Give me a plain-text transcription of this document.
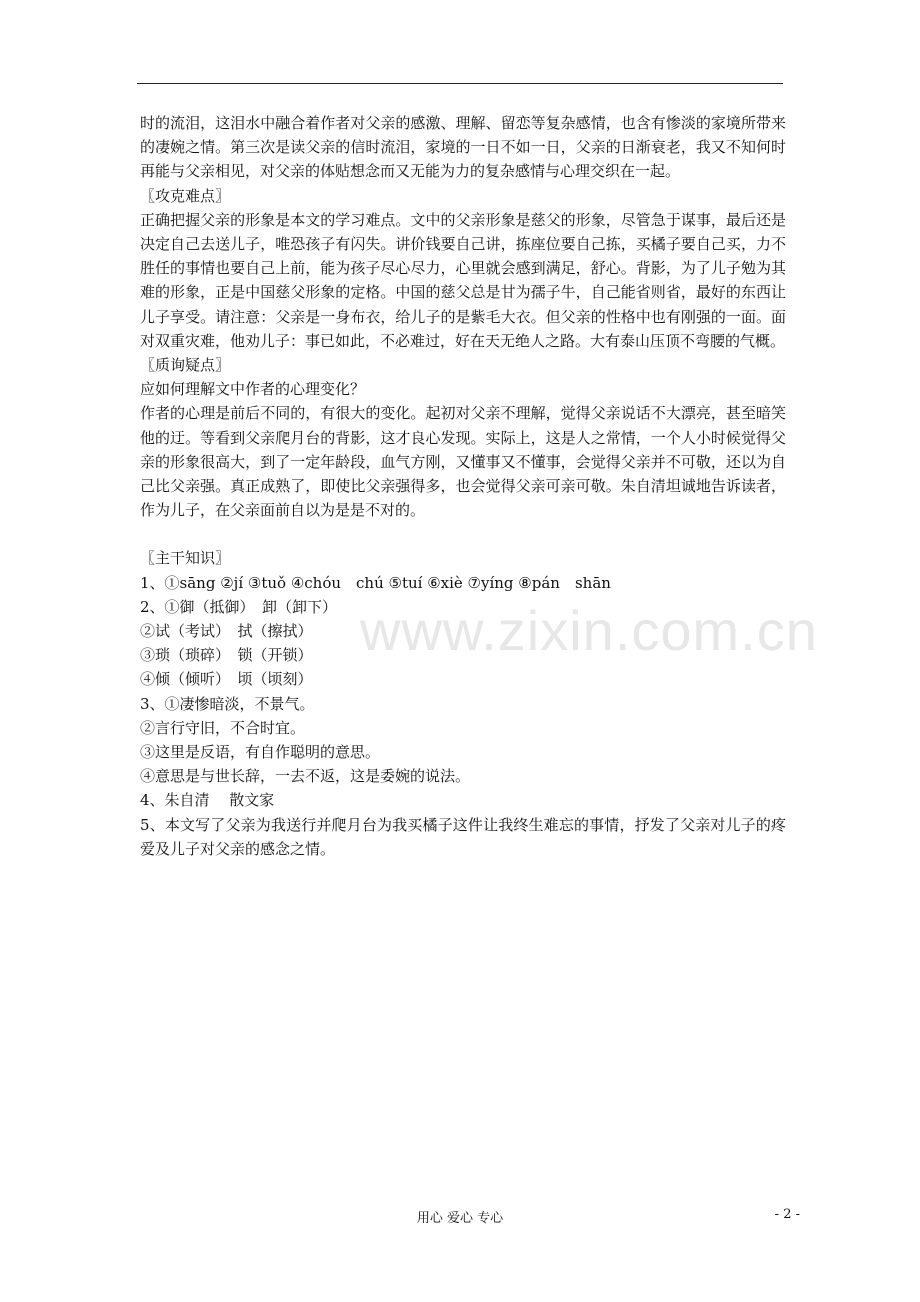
www.zixin.com.cn

时的流泪，这泪水中融合着作者对父亲的感激、理解、留恋等复杂感情，也含有惨淡的家境所带来的凄婉之情。第三次是读父亲的信时流泪，家境的一日不如一日，父亲的日渐衰老，我又不知何时再能与父亲相见，对父亲的体贴想念而又无能为力的复杂感情与心理交织在一起。

〖攻克难点〗

正确把握父亲的形象是本文的学习难点。文中的父亲形象是慈父的形象，尽管急于谋事，最后还是决定自己去送儿子，唯恐孩子有闪失。讲价钱要自己讲，拣座位要自己拣，买橘子要自己买，力不胜任的事情也要自己上前，能为孩子尽心尽力，心里就会感到满足，舒心。背影，为了儿子勉为其难的形象，正是中国慈父形象的定格。中国的慈父总是甘为孺子牛，自己能省则省，最好的东西让儿子享受。请注意：父亲是一身布衣，给儿子的是紫毛大衣。但父亲的性格中也有刚强的一面。面对双重灾难，他劝儿子：事已如此，不必难过，好在天无绝人之路。大有泰山压顶不弯腰的气概。

〖质询疑点〗

应如何理解文中作者的心理变化？

作者的心理是前后不同的，有很大的变化。起初对父亲不理解，觉得父亲说话不大漂亮，甚至暗笑他的迂。等看到父亲爬月台的背影，这才良心发现。实际上，这是人之常情，一个人小时候觉得父亲的形象很高大，到了一定年龄段，血气方刚，又懂事又不懂事，会觉得父亲并不可敬，还以为自己比父亲强。真正成熟了，即使比父亲强得多，也会觉得父亲可亲可敬。朱自清坦诚地告诉读者，作为儿子，在父亲面前自以为是是不对的。

〖主干知识〗

1、①sāng ②jí ③tuǒ ④chóu　chú ⑤tuí ⑥xiè ⑦yíng ⑧pán　shān

2、①御（抵御）　卸（卸下）

②试（考试）　拭（擦拭）

③琐（琐碎）　锁（开锁）

④倾（倾听）　顷（顷刻）

3、①凄惨暗淡，不景气。

②言行守旧，不合时宜。

③这里是反语，有自作聪明的意思。

④意思是与世长辞，一去不返，这是委婉的说法。

4、朱自清　 散文家

5、本文写了父亲为我送行并爬月台为我买橘子这件让我终生难忘的事情，抒发了父亲对儿子的疼爱及儿子对父亲的感念之情。

用心 爱心 专心	- 2 -
